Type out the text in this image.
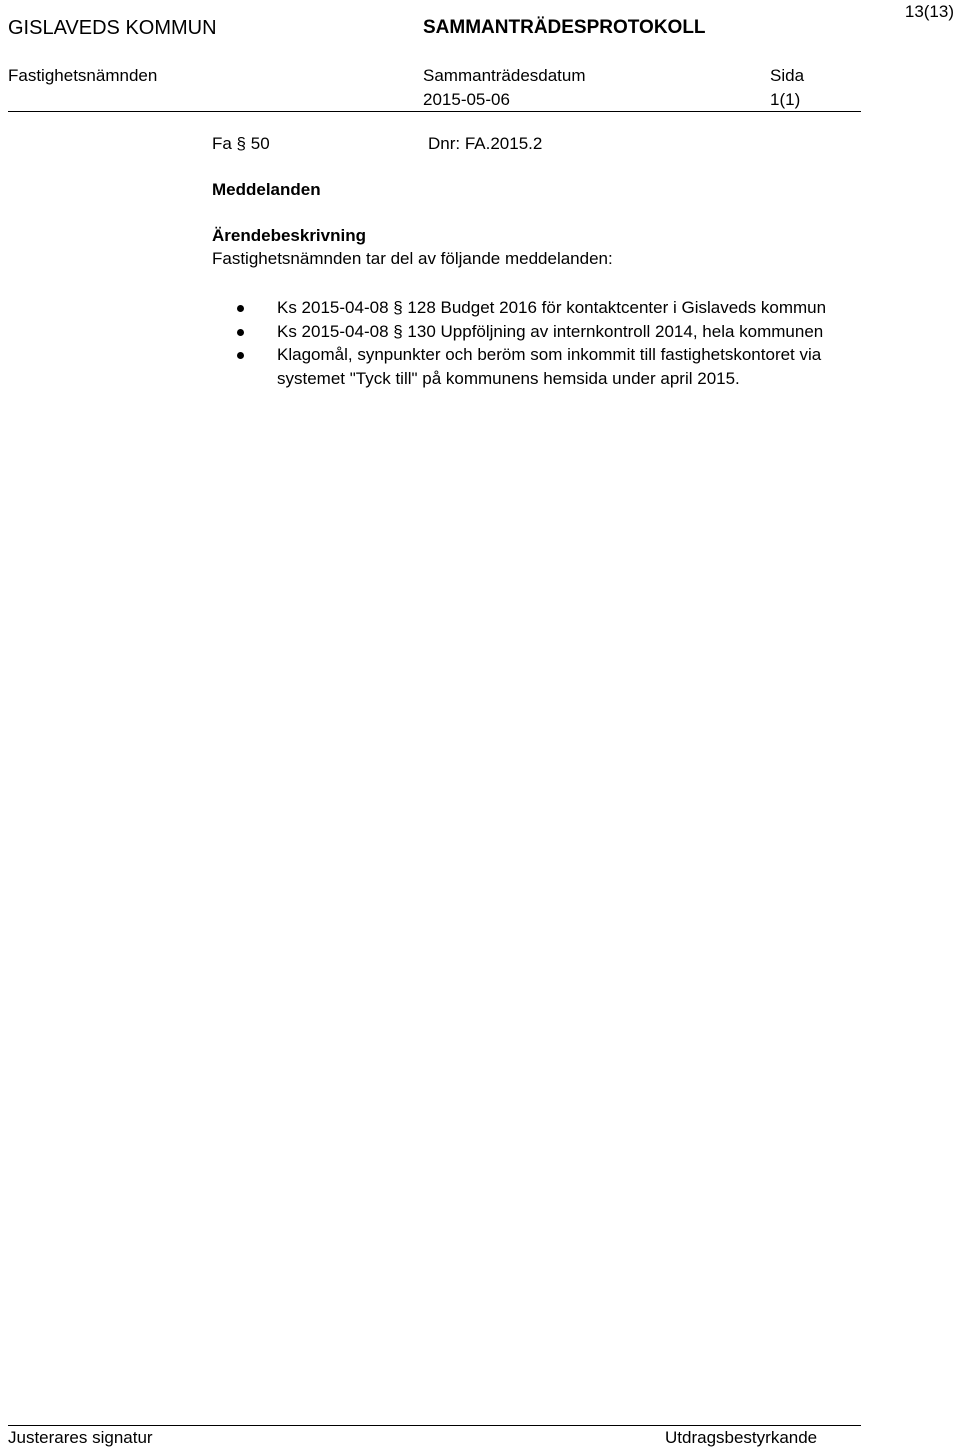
13(13)
GISLAVEDS KOMMUN	SAMMANTRÄDESPROTOKOLL
Fastighetsnämnden	Sammanträdesdatum	Sida
2015-05-06	1(1)
Fa § 50	Dnr: FA.2015.2
Meddelanden
Ärendebeskrivning
Fastighetsnämnden tar del av följande meddelanden:
Ks 2015-04-08 § 128 Budget 2016 för kontaktcenter i Gislaveds kommun
Ks 2015-04-08 § 130 Uppföljning av internkontroll 2014, hela kommunen
Klagomål, synpunkter och beröm som inkommit till fastighetskontoret via systemet "Tyck till" på kommunens hemsida under april 2015.
Justerares signatur	Utdragsbestyrkande
